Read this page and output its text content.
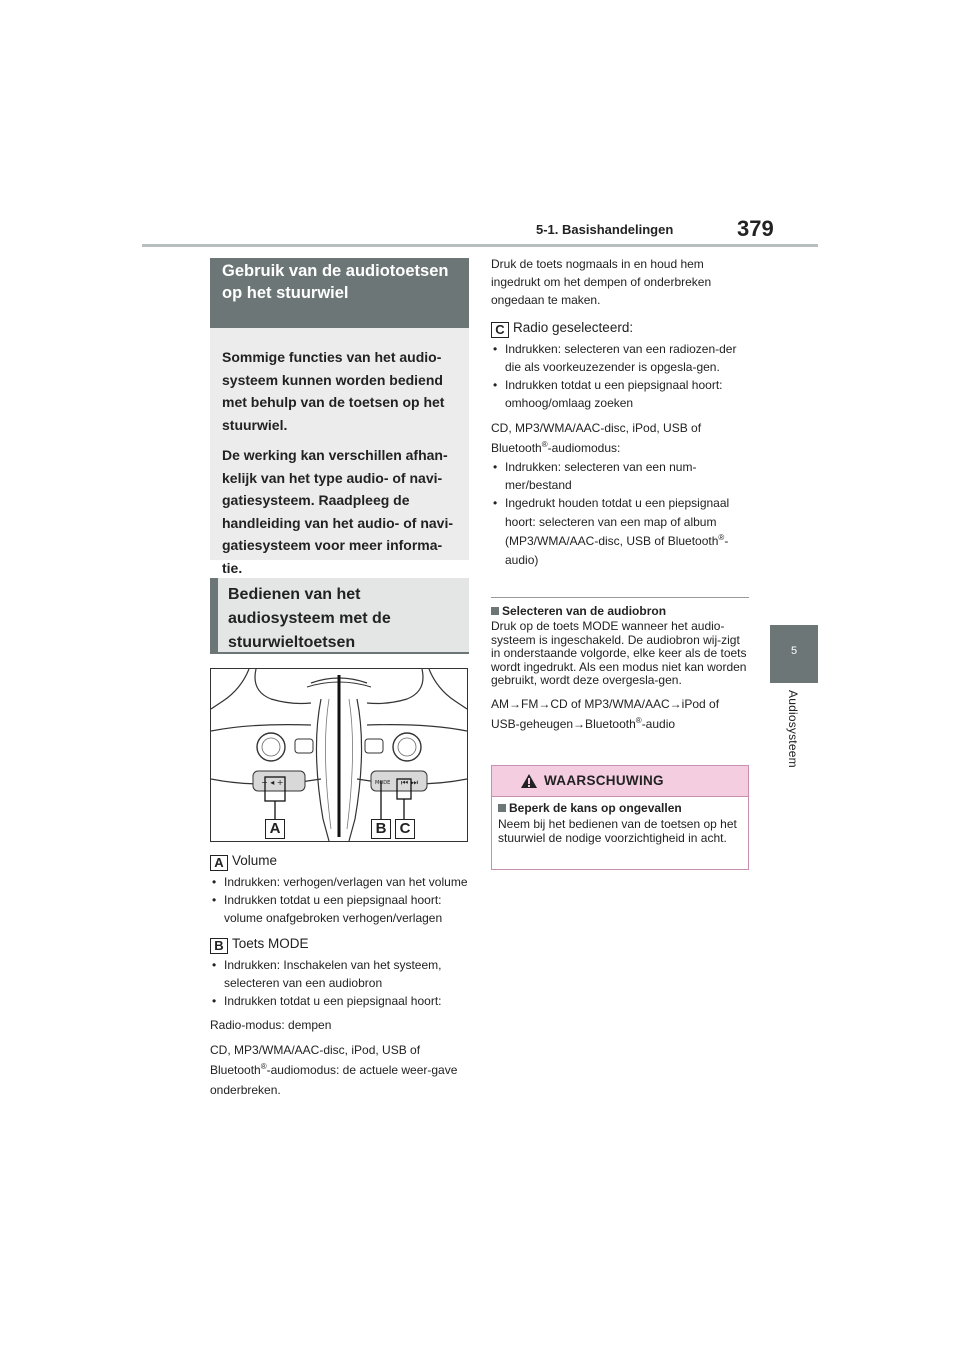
5-1. Basishandelingen	379
5
Audiosysteem
Gebruik van de audiotoetsen op het stuurwiel

Sommige functies van het audio-systeem kunnen worden bediend met behulp van de toetsen op het stuurwiel.

De werking kan verschillen afhan-kelijk van het type audio- of navi-gatiesysteem. Raadpleeg de handleiding van het audio- of navi-gatiesysteem voor meer informa-tie.

Bedienen van het audiosysteem met de stuurwieltoetsen
− ◂ +	MODE ⏮ ⏭
A	B C
A Volume
• Indrukken: verhogen/verlagen van het volume
• Indrukken totdat u een piepsignaal hoort: volume onafgebroken verhogen/verlagen
B Toets MODE
• Indrukken: Inschakelen van het systeem, selecteren van een audiobron
• Indrukken totdat u een piepsignaal hoort:

Radio-modus: dempen

CD, MP3/WMA/AAC-disc, iPod, USB of Bluetooth®-audiomodus: de actuele weer-gave onderbreken.

Druk de toets nogmaals in en houd hem ingedrukt om het dempen of onderbreken ongedaan te maken.

C Radio geselecteerd:
• Indrukken: selecteren van een radiozen-der die als voorkeuzezender is opgesla-gen.
• Indrukken totdat u een piepsignaal hoort: omhoog/omlaag zoeken

CD, MP3/WMA/AAC-disc, iPod, USB of Bluetooth®-audiomodus:

• Indrukken: selecteren van een num-mer/bestand
• Ingedrukt houden totdat u een piepsignaal hoort: selecteren van een map of album (MP3/WMA/AAC-disc, USB of Bluetooth®-audio)
Selecteren van de audiobron

Druk op de toets MODE wanneer het audio-systeem is ingeschakeld. De audiobron wij-zigt in onderstaande volgorde, elke keer als de toets wordt ingedrukt. Als een modus niet kan worden gebruikt, wordt deze overgesla-gen.

AM→FM→CD of MP3/WMA/AAC→iPod of USB-geheugen→Bluetooth®-audio

WAARSCHUWING
Beperk de kans op ongevallen

Neem bij het bedienen van de toetsen op het stuurwiel de nodige voorzichtigheid in acht.
